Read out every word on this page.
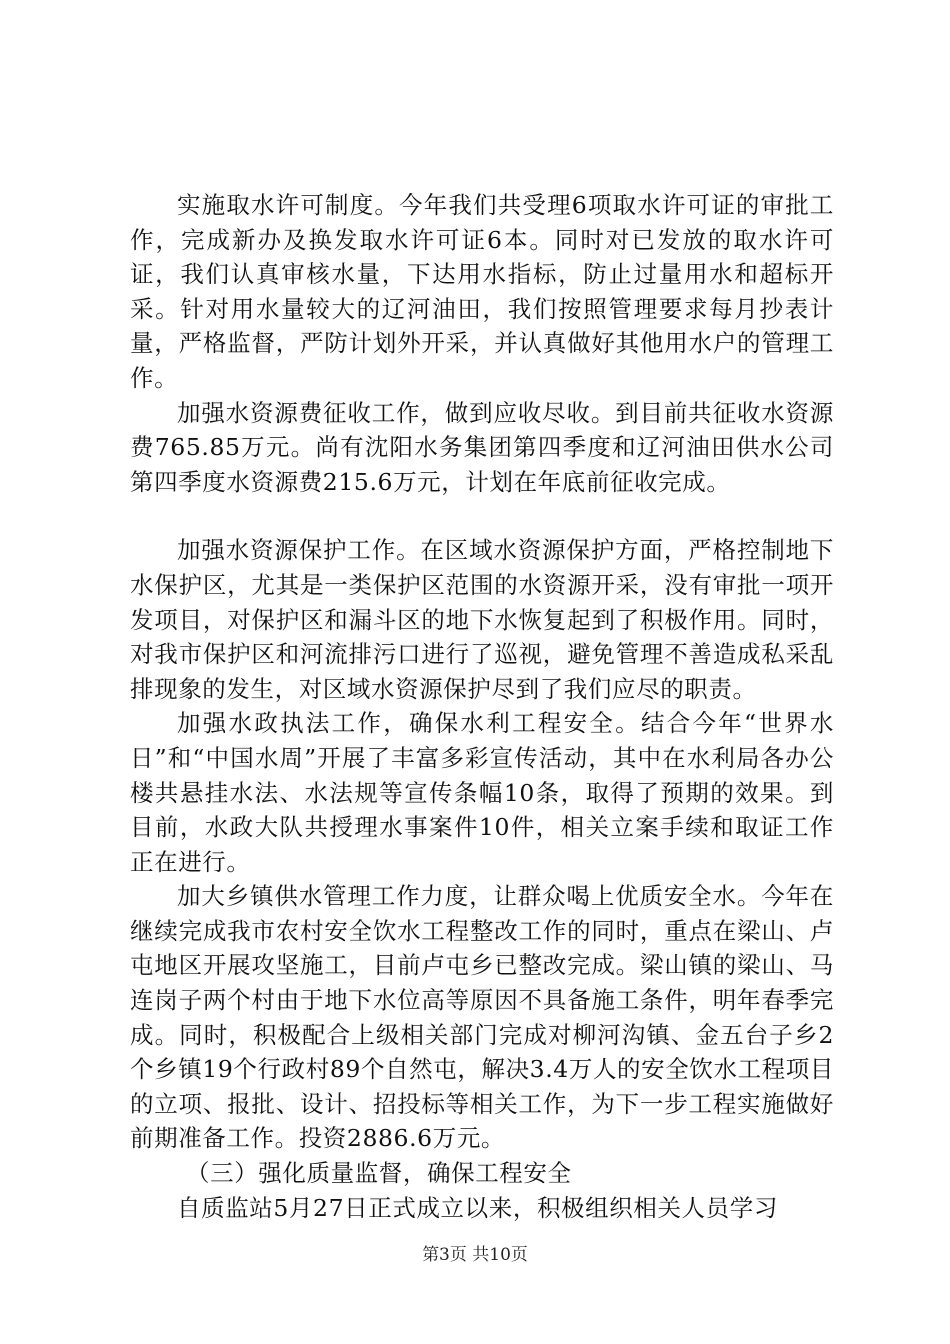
实施取水许可制度。今年我们共受理6项取水许可证的审批工作，完成新办及换发取水许可证6本。同时对已发放的取水许可证，我们认真审核水量，下达用水指标，防止过量用水和超标开采。针对用水量较大的辽河油田，我们按照管理要求每月抄表计量，严格监督，严防计划外开采，并认真做好其他用水户的管理工作。

加强水资源费征收工作，做到应收尽收。到目前共征收水资源费765.85万元。尚有沈阳水务集团第四季度和辽河油田供水公司第四季度水资源费215.6万元，计划在年底前征收完成。

加强水资源保护工作。在区域水资源保护方面，严格控制地下水保护区，尤其是一类保护区范围的水资源开采，没有审批一项开发项目，对保护区和漏斗区的地下水恢复起到了积极作用。同时，对我市保护区和河流排污口进行了巡视，避免管理不善造成私采乱排现象的发生，对区域水资源保护尽到了我们应尽的职责。

加强水政执法工作，确保水利工程安全。结合今年“世界水日”和“中国水周”开展了丰富多彩宣传活动，其中在水利局各办公楼共悬挂水法、水法规等宣传条幅10条，取得了预期的效果。到目前，水政大队共授理水事案件10件，相关立案手续和取证工作正在进行。

加大乡镇供水管理工作力度，让群众喝上优质安全水。今年在继续完成我市农村安全饮水工程整改工作的同时，重点在梁山、卢屯地区开展攻坚施工，目前卢屯乡已整改完成。梁山镇的梁山、马连岗子两个村由于地下水位高等原因不具备施工条件，明年春季完成。同时，积极配合上级相关部门完成对柳河沟镇、金五台子乡2个乡镇19个行政村89个自然屯，解决3.4万人的安全饮水工程项目的立项、报批、设计、招投标等相关工作，为下一步工程实施做好前期准备工作。投资2886.6万元。

（三）强化质量监督，确保工程安全

自质监站5月27日正式成立以来，积极组织相关人员学习

第3页 共10页
